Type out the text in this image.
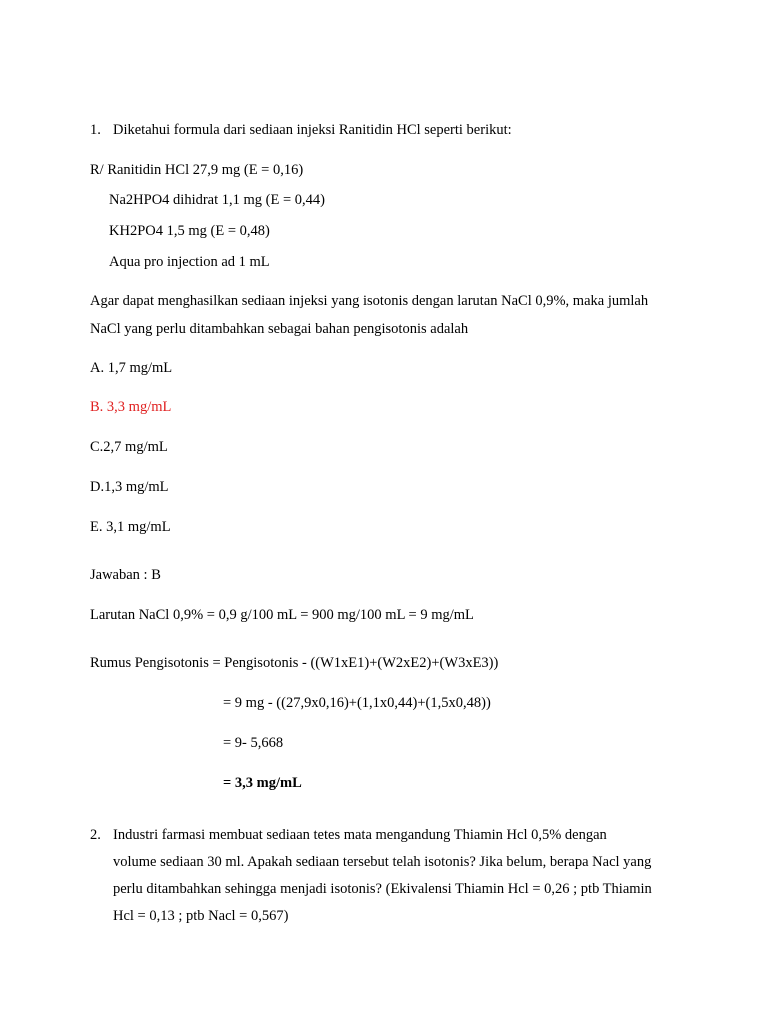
1. Diketahui formula dari sediaan injeksi Ranitidin HCl seperti berikut:
R/ Ranitidin HCl 27,9 mg (E = 0,16)
Na2HPO4 dihidrat 1,1 mg (E = 0,44)
KH2PO4 1,5 mg (E = 0,48)
Aqua pro injection ad 1 mL
Agar dapat menghasilkan sediaan injeksi yang isotonis dengan larutan NaCl 0,9%, maka jumlah
NaCl yang perlu ditambahkan sebagai bahan pengisotonis adalah
A. 1,7 mg/mL
B. 3,3 mg/mL
C.2,7 mg/mL
D.1,3 mg/mL
E. 3,1 mg/mL
Jawaban : B
Larutan NaCl 0,9% = 0,9 g/100 mL = 900 mg/100 mL = 9 mg/mL
Rumus Pengisotonis = Pengisotonis - ((W1xE1)+(W2xE2)+(W3xE3))
= 9 mg - ((27,9x0,16)+(1,1x0,44)+(1,5x0,48))
= 9- 5,668
= 3,3 mg/mL
2. Industri farmasi membuat sediaan tetes mata mengandung Thiamin Hcl 0,5% dengan
volume sediaan 30 ml. Apakah sediaan tersebut telah isotonis? Jika belum, berapa Nacl yang
perlu ditambahkan sehingga menjadi isotonis? (Ekivalensi Thiamin Hcl = 0,26 ; ptb Thiamin
Hcl = 0,13 ; ptb Nacl = 0,567)
